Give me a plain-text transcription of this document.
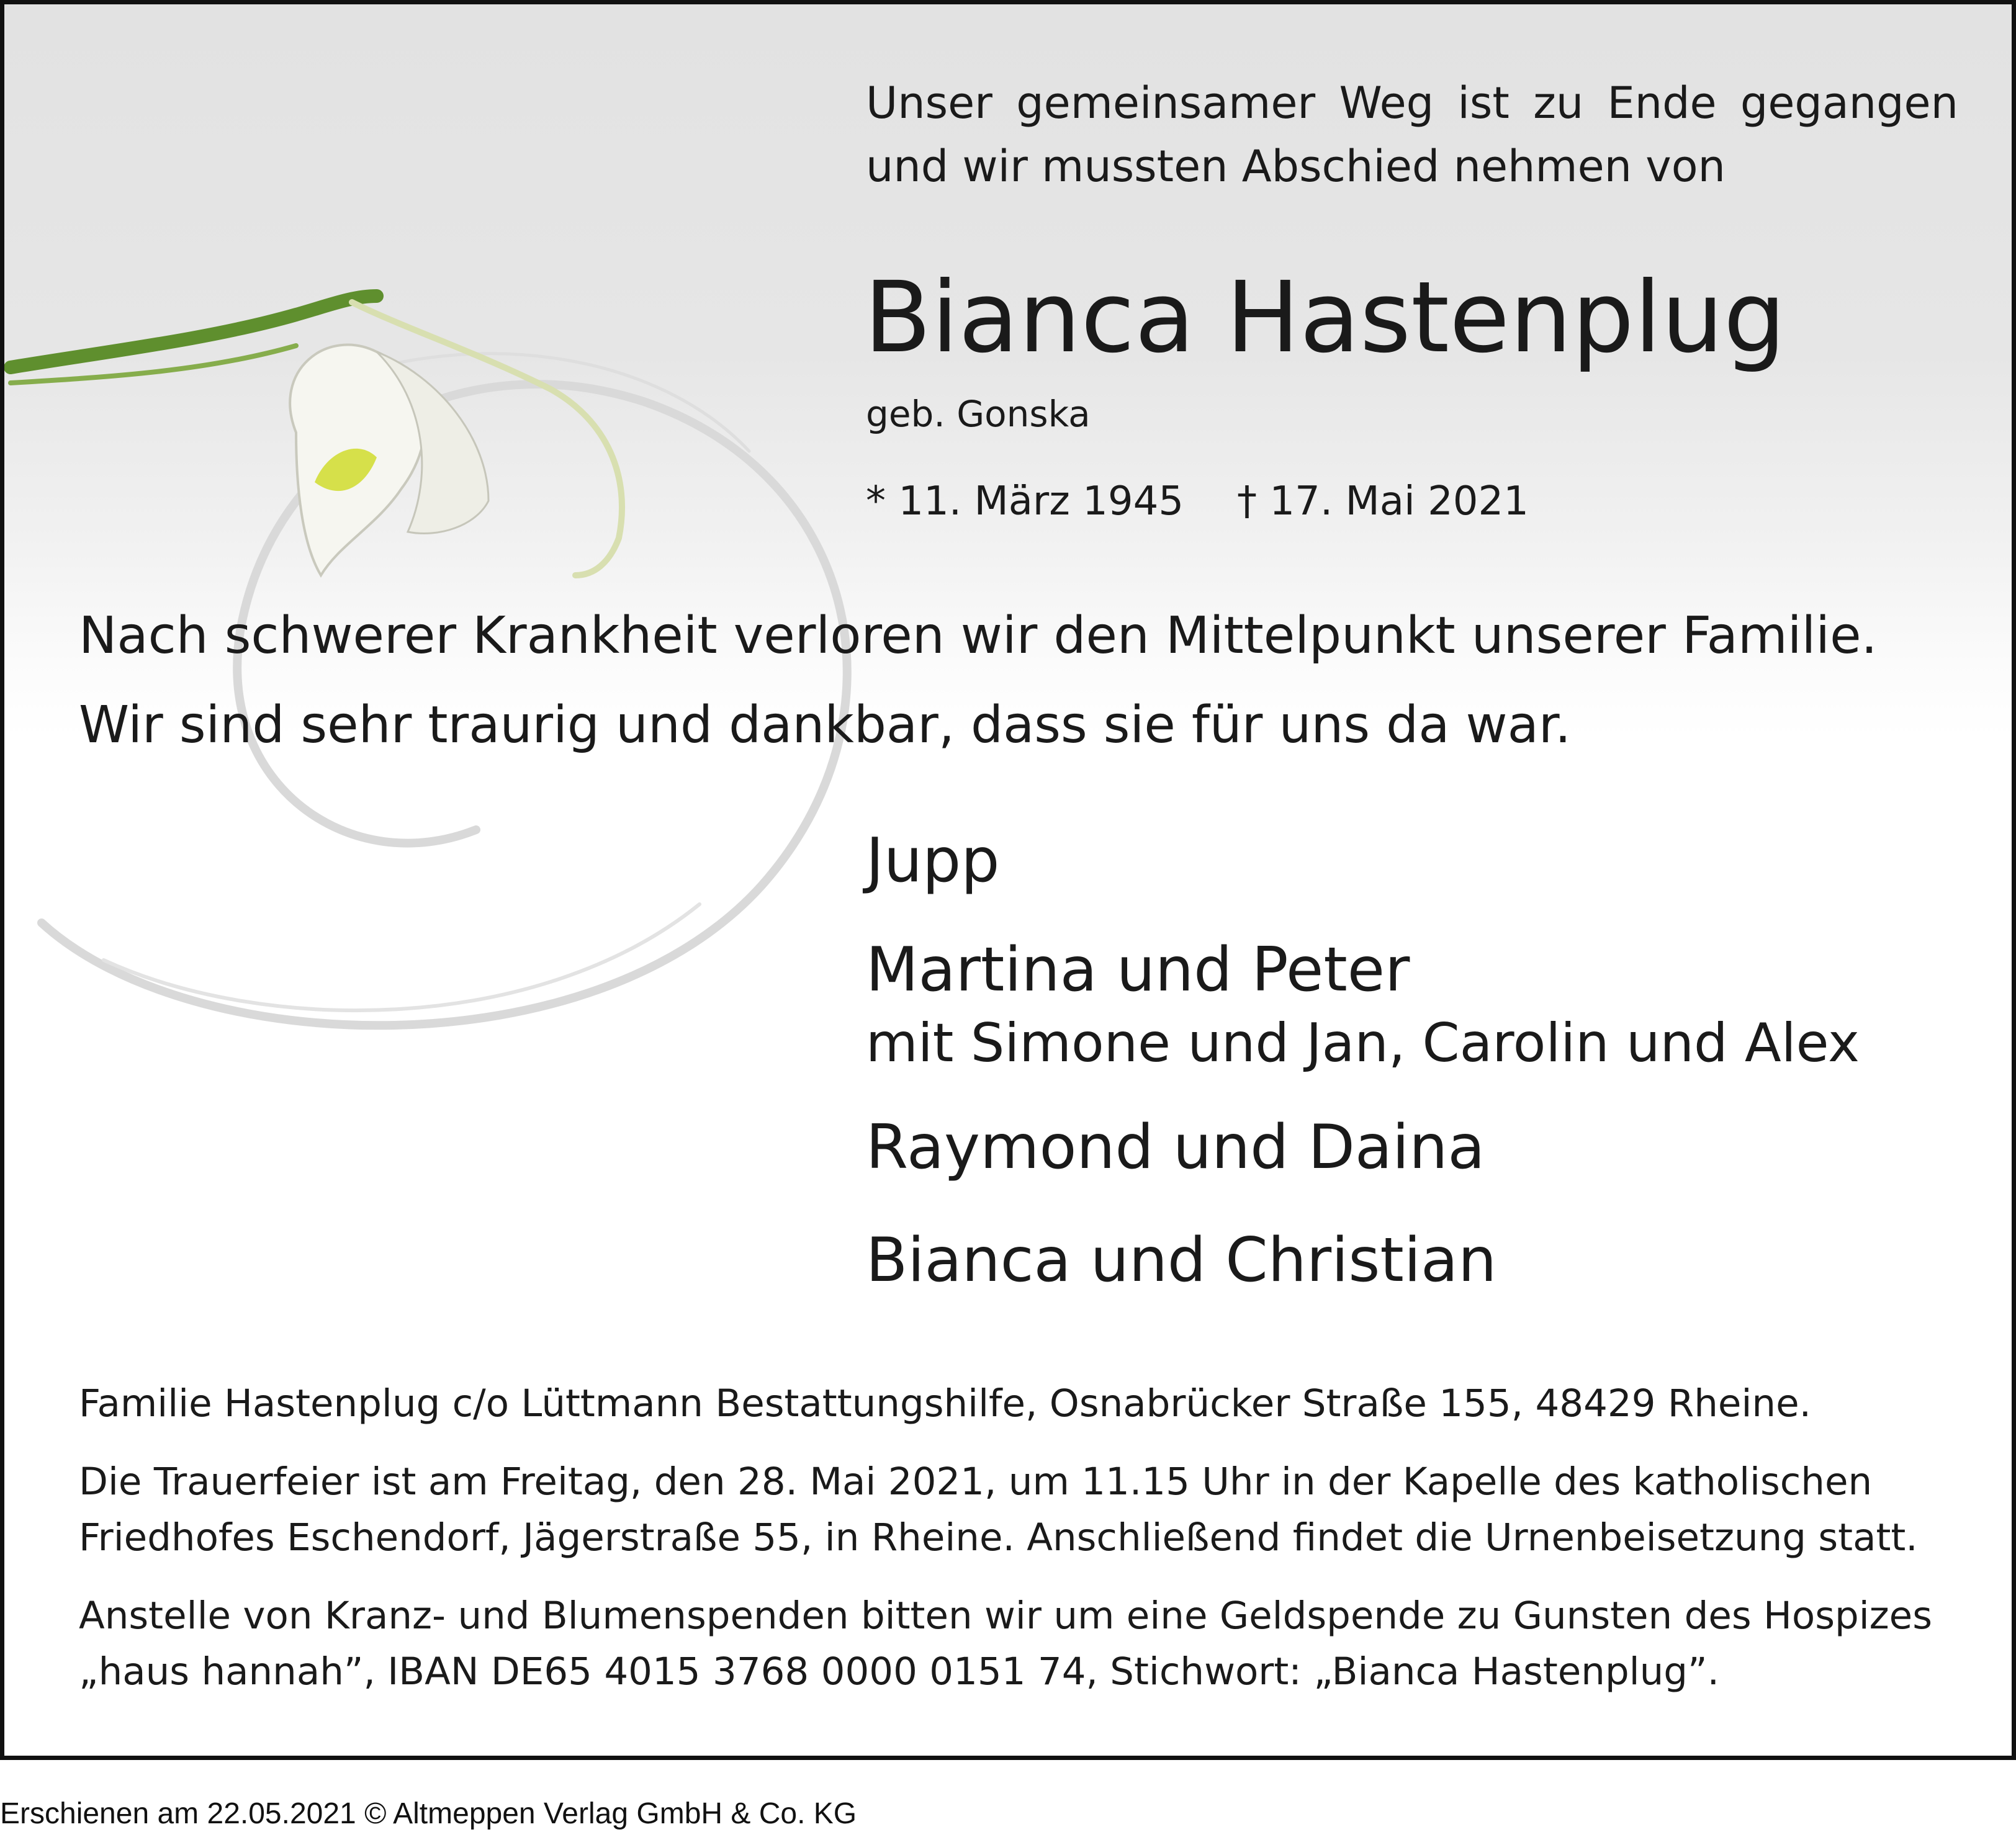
Unser gemeinsamer Weg ist zu Ende gegangen
und wir mussten Abschied nehmen von
Bianca Hastenplug
geb. Gonska
* 11. März 1945 † 17. Mai 2021
Nach schwerer Krankheit verloren wir den Mittelpunkt unserer Familie.
Wir sind sehr traurig und dankbar, dass sie für uns da war.
Jupp
Martina und Peter
mit Simone und Jan, Carolin und Alex
Raymond und Daina
Bianca und Christian

Familie Hastenplug c/o Lüttmann Bestattungshilfe, Osnabrücker Straße 155, 48429 Rheine.

Die Trauerfeier ist am Freitag, den 28. Mai 2021, um 11.15 Uhr in der Kapelle des katholischen
Friedhofes Eschendorf, Jägerstraße 55, in Rheine. Anschließend findet die Urnenbeisetzung statt.

Anstelle von Kranz- und Blumenspenden bitten wir um eine Geldspende zu Gunsten des Hospizes
„haus hannah”, IBAN DE65 4015 3768 0000 0151 74, Stichwort: „Bianca Hastenplug”.

Erschienen am 22.05.2021 © Altmeppen Verlag GmbH & Co. KG
